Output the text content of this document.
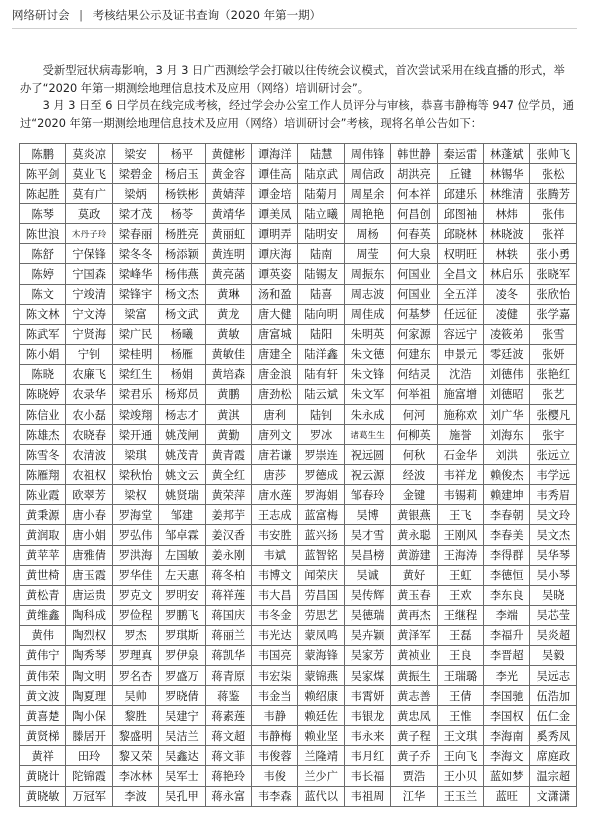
网络研讨会 | 考核结果公示及证书查询（2020 年第一期）
受新型冠状病毒影响，3 月 3 日广西测绘学会打破以往传统会议模式，首次尝试采用在线直播的形式，举办了“2020 年第一期测绘地理信息技术及应用（网络）培训研讨会”。
3 月 3 日至 6 日学员在线完成考核，经过学会办公室工作人员评分与审核，恭喜韦静梅等 947 位学员，通过“2020 年第一期测绘地理信息技术及应用（网络）培训研讨会”考核，现将名单公告如下：
陈鹏	莫炎凉	梁安	杨平	黄健彬	谭海洋	陆慧	周伟锋	韩世静	秦运雷	林蓬斌	张帅飞
陈平剑	莫业飞	梁碧金	杨启玉	黄金容	谭佳高	陆京武	周信政	胡洪亮	丘键	林锡华	张松
陈起胜	莫有广	梁炳	杨铁彬	黄婧萍	谭金培	陆菊月	周星余	何本祥	邱建乐	林维清	张腾芳
陈琴	莫政	梁才茂	杨苓	黄靖华	谭美凤	陆立曦	周艳艳	何昌创	邱图袖	林炜	张伟
陈世浪	木丹子玲	梁春丽	杨胜亮	黄丽虹	谭明弄	陆明安	周杨	何春英	邱晓林	林晓波	张祥
陈舒	宁保锋	梁冬冬	杨添颖	黄连明	谭庆海	陆南	周莹	何大泉	权明旺	林轶	张小勇
陈婷	宁国森	梁峰华	杨伟燕	黄亮菡	谭英姿	陆锡友	周振东	何国业	全昌文	林启乐	张晓军
陈文	宁竣清	梁锋宇	杨文杰	黄琳	汤和盈	陆喜	周志波	何国业	全五洋	凌冬	张欣怡
陈文林	宁文涛	梁富	杨文武	黄龙	唐大健	陆向明	周佳成	何基梦	任远征	凌健	张学嘉
陈武军	宁贤海	梁广民	杨曦	黄敏	唐富城	陆阳	朱明英	何家源	容远宁	凌筱弟	张雪
陈小娟	宁钊	梁桂明	杨雁	黄敏佳	唐建全	陆洋鑫	朱文德	何建东	申景元	零廷波	张妍
陈晓	农廉飞	梁红生	杨娟	黄培森	唐金浪	陆有轩	朱文锋	何结灵	沈浩	刘德伟	张艳红
陈晓婷	农录华	梁君乐	杨郑员	黄鹏	唐劲松	陆云斌	朱文军	何举祖	施富增	刘德昭	张艺
陈信业	农小磊	梁竣翔	杨志才	黄淇	唐利	陆钊	朱永成	何河	施称欢	刘广华	张樱凡
陈雄杰	农晓春	梁开通	姚茂闸	黄勤	唐列文	罗冰	诸葛生生	何柳英	施誉	刘海东	张宇
陈雪冬	农清波	梁琪	姚茂青	黄青霞	唐若谦	罗崇连	祝远圆	何秋	石金华	刘洪	张远立
陈雁翔	农祖权	梁秋怡	姚文云	黄全红	唐莎	罗德成	祝云源	经波	韦祥龙	赖俊杰	韦学远
陈业霞	欧翠芳	梁权	姚贤瑞	黄荣萍	唐水莲	罗海娟	邹春玲	金键	韦锡莉	赖建坤	韦秀眉
黄秉源	唐小春	罗海堂	邹建	姜邦芋	王志成	蓝富梅	吴博	黄银燕	王飞	李春朝	吴文玲
黄润取	唐小娟	罗弘伟	邹卓霖	姜汉香	韦安胜	蓝兴扬	吴才雪	黄永聪	王刚风	李春美	吴文杰
黄苹苹	唐雅倩	罗洪海	左国敏	姜永刚	韦斌	蓝智铭	吴昌榜	黄游建	王海涛	李得群	吴华琴
黄世椅	唐玉霞	罗华佳	左天惠	蒋冬柏	韦博文	闻荣庆	吴诚	黄好	王虹	李德恒	吴小琴
黄松青	唐运贵	罗克文	罗明安	蒋祥莲	韦大昌	劳昌国	吴传辉	黄玉春	王欢	李东良	吴晓
黄维鑫	陶科成	罗俭程	罗鹏飞	蒋国庆	韦冬金	劳思艺	吴德瑞	黄再杰	王继程	李端	吴芯莹
黄伟	陶烈权	罗杰	罗琪斯	蒋丽兰	韦光达	蒙凤鸣	吴卉颖	黄泽军	王磊	李福升	吴炎超
黄伟宁	陶秀琴	罗理真	罗伊泉	蒋凯华	韦国亮	蒙海锋	吴家芳	黄祯业	王良	李晋超	吴毅
黄伟荣	陶文明	罗名杏	罗盛万	蒋青原	韦宏柒	蒙锦燕	吴家煤	黄振生	王瑞璐	李光	吴远志
黄文波	陶夏理	吴帅	罗晓倩	蒋鉴	韦金当	赖绍康	韦霄妍	黄志善	王倩	李国驰	伍浩加
黄喜楚	陶小保	黎胜	吴建宁	蒋素莲	韦静	赖廷佐	韦银龙	黄忠凤	王惟	李国权	伍仁金
黄贤梯	滕居开	黎盛明	吴洁兰	蒋文超	韦静梅	赖业坚	韦永来	黄子程	王文琪	李海南	奚秀凤
黄祥	田玲	黎又荣	吴鑫达	蒋文菲	韦俊蓉	兰隆靖	韦月红	黄子乔	王向飞	李海文	席庭政
黄晓计	陀锦霞	李冰林	吴军士	蒋艳玲	韦俊	兰少广	韦长福	贾浩	王小贝	蓝如梦	温宗超
黄晓敏	万冠军	李波	吴孔甲	蒋永富	韦李森	蓝代以	韦祖周	江华	王玉兰	蓝旺	文潇潇
